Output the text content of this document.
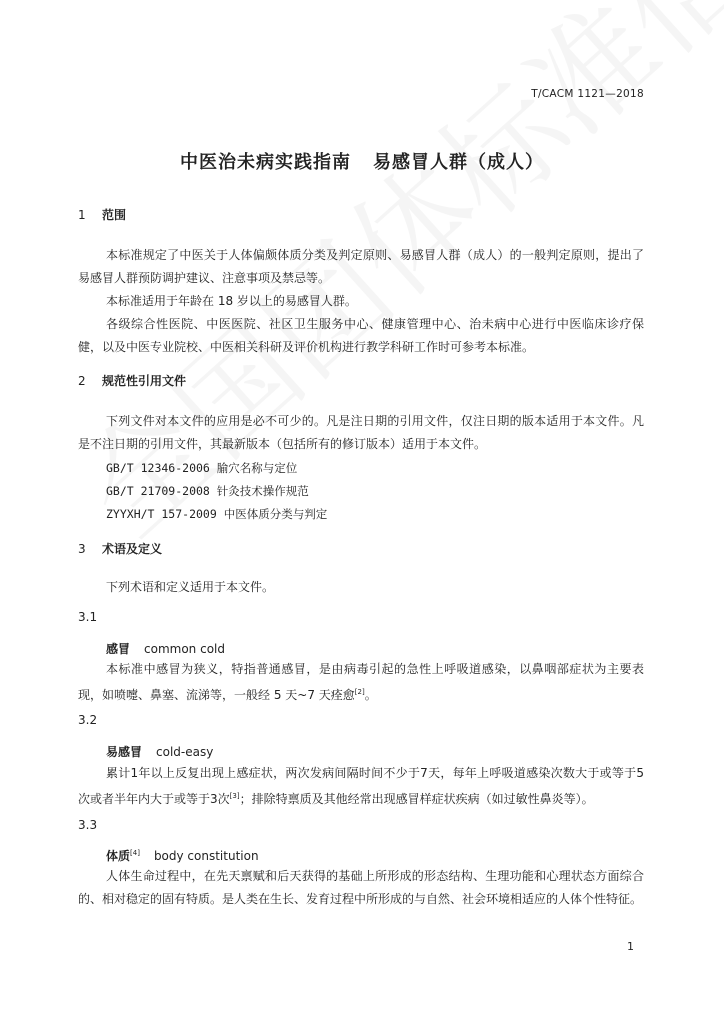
T/CACM 1121—2018
中医治未病实践指南 易感冒人群（成人）
1 范围
本标准规定了中医关于人体偏颇体质分类及判定原则、易感冒人群（成人）的一般判定原则，提出了易感冒人群预防调护建议、注意事项及禁忌等。
本标准适用于年龄在 18 岁以上的易感冒人群。
各级综合性医院、中医医院、社区卫生服务中心、健康管理中心、治未病中心进行中医临床诊疗保健，以及中医专业院校、中医相关科研及评价机构进行教学科研工作时可参考本标准。
2 规范性引用文件
下列文件对本文件的应用是必不可少的。凡是注日期的引用文件，仅注日期的版本适用于本文件。凡是不注日期的引用文件，其最新版本（包括所有的修订版本）适用于本文件。
GB/T 12346-2006 腧穴名称与定位
GB/T 21709-2008 针灸技术操作规范
ZYYXH/T 157-2009 中医体质分类与判定
3 术语及定义
下列术语和定义适用于本文件。
3.1
感冒 common cold
本标准中感冒为狭义，特指普通感冒，是由病毒引起的急性上呼吸道感染，以鼻咽部症状为主要表现，如喷嚏、鼻塞、流涕等，一般经 5 天~7 天痊愈[2]。
3.2
易感冒 cold-easy
累计1年以上反复出现上感症状，两次发病间隔时间不少于7天，每年上呼吸道感染次数大于或等于5次或者半年内大于或等于3次[3]；排除特禀质及其他经常出现感冒样症状疾病（如过敏性鼻炎等）。
3.3
体质[4] body constitution
人体生命过程中，在先天禀赋和后天获得的基础上所形成的形态结构、生理功能和心理状态方面综合的、相对稳定的固有特质。是人类在生长、发育过程中所形成的与自然、社会环境相适应的人体个性特征。
1
